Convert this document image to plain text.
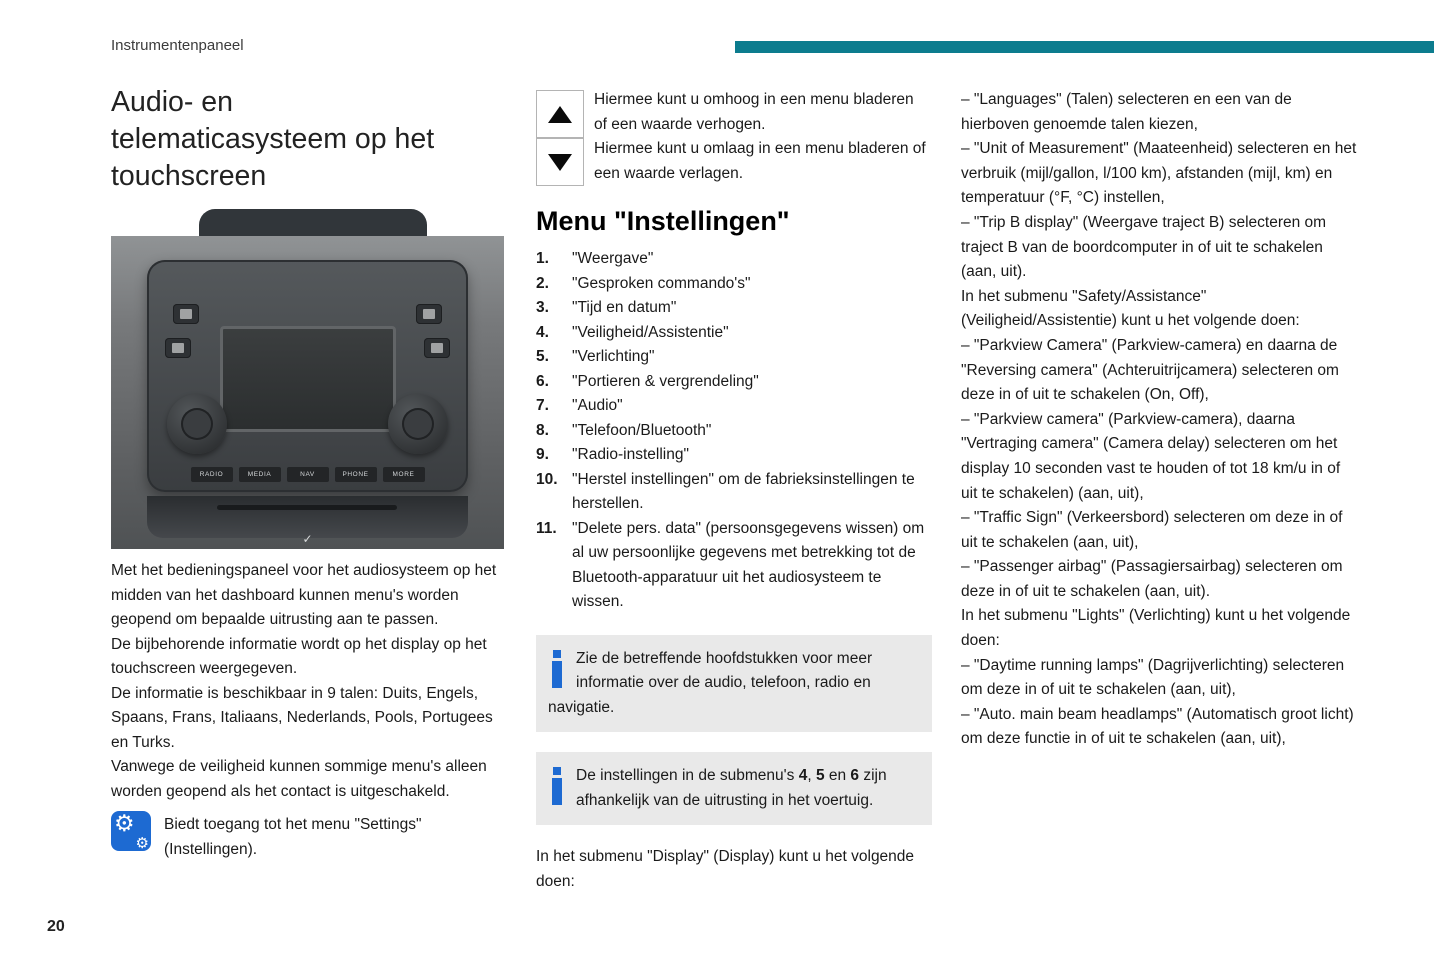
Instrumentenpaneel
Audio- en
telematicasysteem op het
touchscreen
RADIO	MEDIA	NAV	PHONE	MORE
✓

Met het bedieningspaneel voor het audiosysteem op het midden van het dashboard kunnen menu's worden geopend om bepaalde uitrusting aan te passen.

De bijbehorende informatie wordt op het display op het touchscreen weergegeven.

De informatie is beschikbaar in 9 talen: Duits, Engels, Spaans, Frans, Italiaans, Nederlands, Pools, Portugees en Turks.

Vanwege de veiligheid kunnen sommige menu's alleen worden geopend als het contact is uitgeschakeld.

⚙
⚙

Biedt toegang tot het menu "Settings" (Instellingen).

Hiermee kunt u omhoog in een menu bladeren of een waarde verhogen.

Hiermee kunt u omlaag in een menu bladeren of een waarde verlagen.

Menu "Instellingen"
1.	"Weergave"
2.	"Gesproken commando's"
3.	"Tijd en datum"
4.	"Veiligheid/Assistentie"
5.	"Verlichting"
6.	"Portieren & vergrendeling"
7.	"Audio"
8.	"Telefoon/Bluetooth"
9.	"Radio-instelling"
10. "Herstel instellingen" om de fabrieksinstellingen te herstellen.
11. "Delete pers. data" (persoonsgegevens wissen) om al uw persoonlijke gegevens met betrekking tot de Bluetooth-apparatuur uit het audiosysteem te wissen.
Zie de betreffende hoofdstukken voor meer informatie over de audio, telefoon, radio en navigatie.
De instellingen in de submenu's 4, 5 en 6 zijn afhankelijk van de uitrusting in het voertuig.
In het submenu "Display" (Display) kunt u het volgende doen:

– "Languages" (Talen) selecteren en een van de hierboven genoemde talen kiezen,

– "Unit of Measurement" (Maateenheid) selecteren en het verbruik (mijl/gallon, l/100 km), afstanden (mijl, km) en temperatuur (°F, °C) instellen,

– "Trip B display" (Weergave traject B) selecteren om traject B van de boordcomputer in of uit te schakelen (aan, uit).

In het submenu "Safety/Assistance" (Veiligheid/Assistentie) kunt u het volgende doen:

– "Parkview Camera" (Parkview-camera) en daarna de "Reversing camera" (Achteruitrijcamera) selecteren om deze in of uit te schakelen (On, Off),

– "Parkview camera" (Parkview-camera), daarna "Vertraging camera" (Camera delay) selecteren om het display 10 seconden vast te houden of tot 18 km/u in of uit te schakelen) (aan, uit),

– "Traffic Sign" (Verkeersbord) selecteren om deze in of uit te schakelen (aan, uit),

– "Passenger airbag" (Passagiersairbag) selecteren om deze in of uit te schakelen (aan, uit).

In het submenu "Lights" (Verlichting) kunt u het volgende doen:

– "Daytime running lamps" (Dagrijverlichting) selecteren om deze in of uit te schakelen (aan, uit),

– "Auto. main beam headlamps" (Automatisch groot licht) om deze functie in of uit te schakelen (aan, uit),

20
